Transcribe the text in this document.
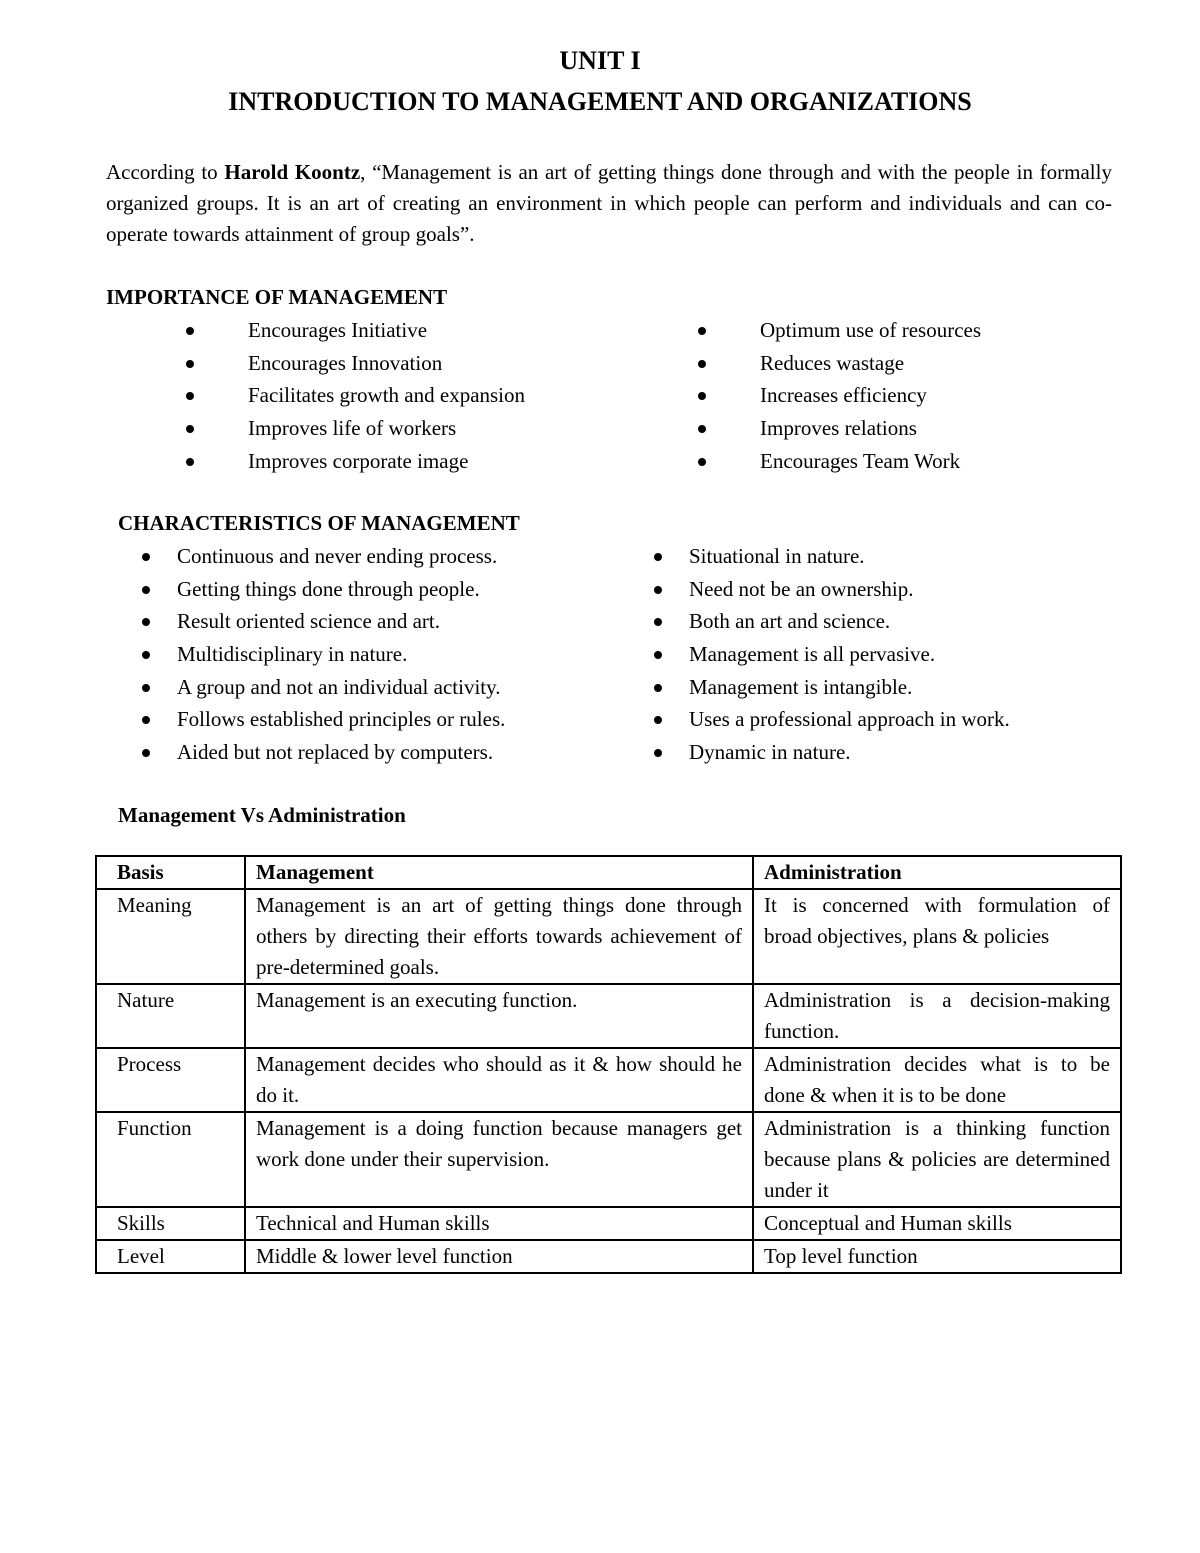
UNIT I
INTRODUCTION TO MANAGEMENT AND ORGANIZATIONS

According to Harold Koontz, “Management is an art of getting things done through and with the people in formally organized groups. It is an art of creating an environment in which people can perform and individuals and can co-operate towards attainment of group goals”.

IMPORTANCE OF MANAGEMENT
Encourages Initiative
Encourages Innovation
Facilitates growth and expansion
Improves life of workers
Improves corporate image
Optimum use of resources
Reduces wastage
Increases efficiency
Improves relations
Encourages Team Work
CHARACTERISTICS OF MANAGEMENT
Continuous and never ending process.
Getting things done through people.
Result oriented science and art.
Multidisciplinary in nature.
A group and not an individual activity.
Follows established principles or rules.
Aided but not replaced by computers.
Situational in nature.
Need not be an ownership.
Both an art and science.
Management is all pervasive.
Management is intangible.
Uses a professional approach in work.
Dynamic in nature.
Management Vs Administration
Basis	Management	Administration
Meaning	Management is an art of getting things done through others by directing their efforts towards achievement of pre-determined goals.	It is concerned with formulation of broad objectives, plans & policies
Nature	Management is an executing function.	Administration is a decision-making function.
Process	Management decides who should as it & how should he do it.	Administration decides what is to be done & when it is to be done
Function	Management is a doing function because managers get work done under their supervision.	Administration is a thinking function because plans & policies are determined under it
Skills	Technical and Human skills	Conceptual and Human skills
Level	Middle & lower level function	Top level function
